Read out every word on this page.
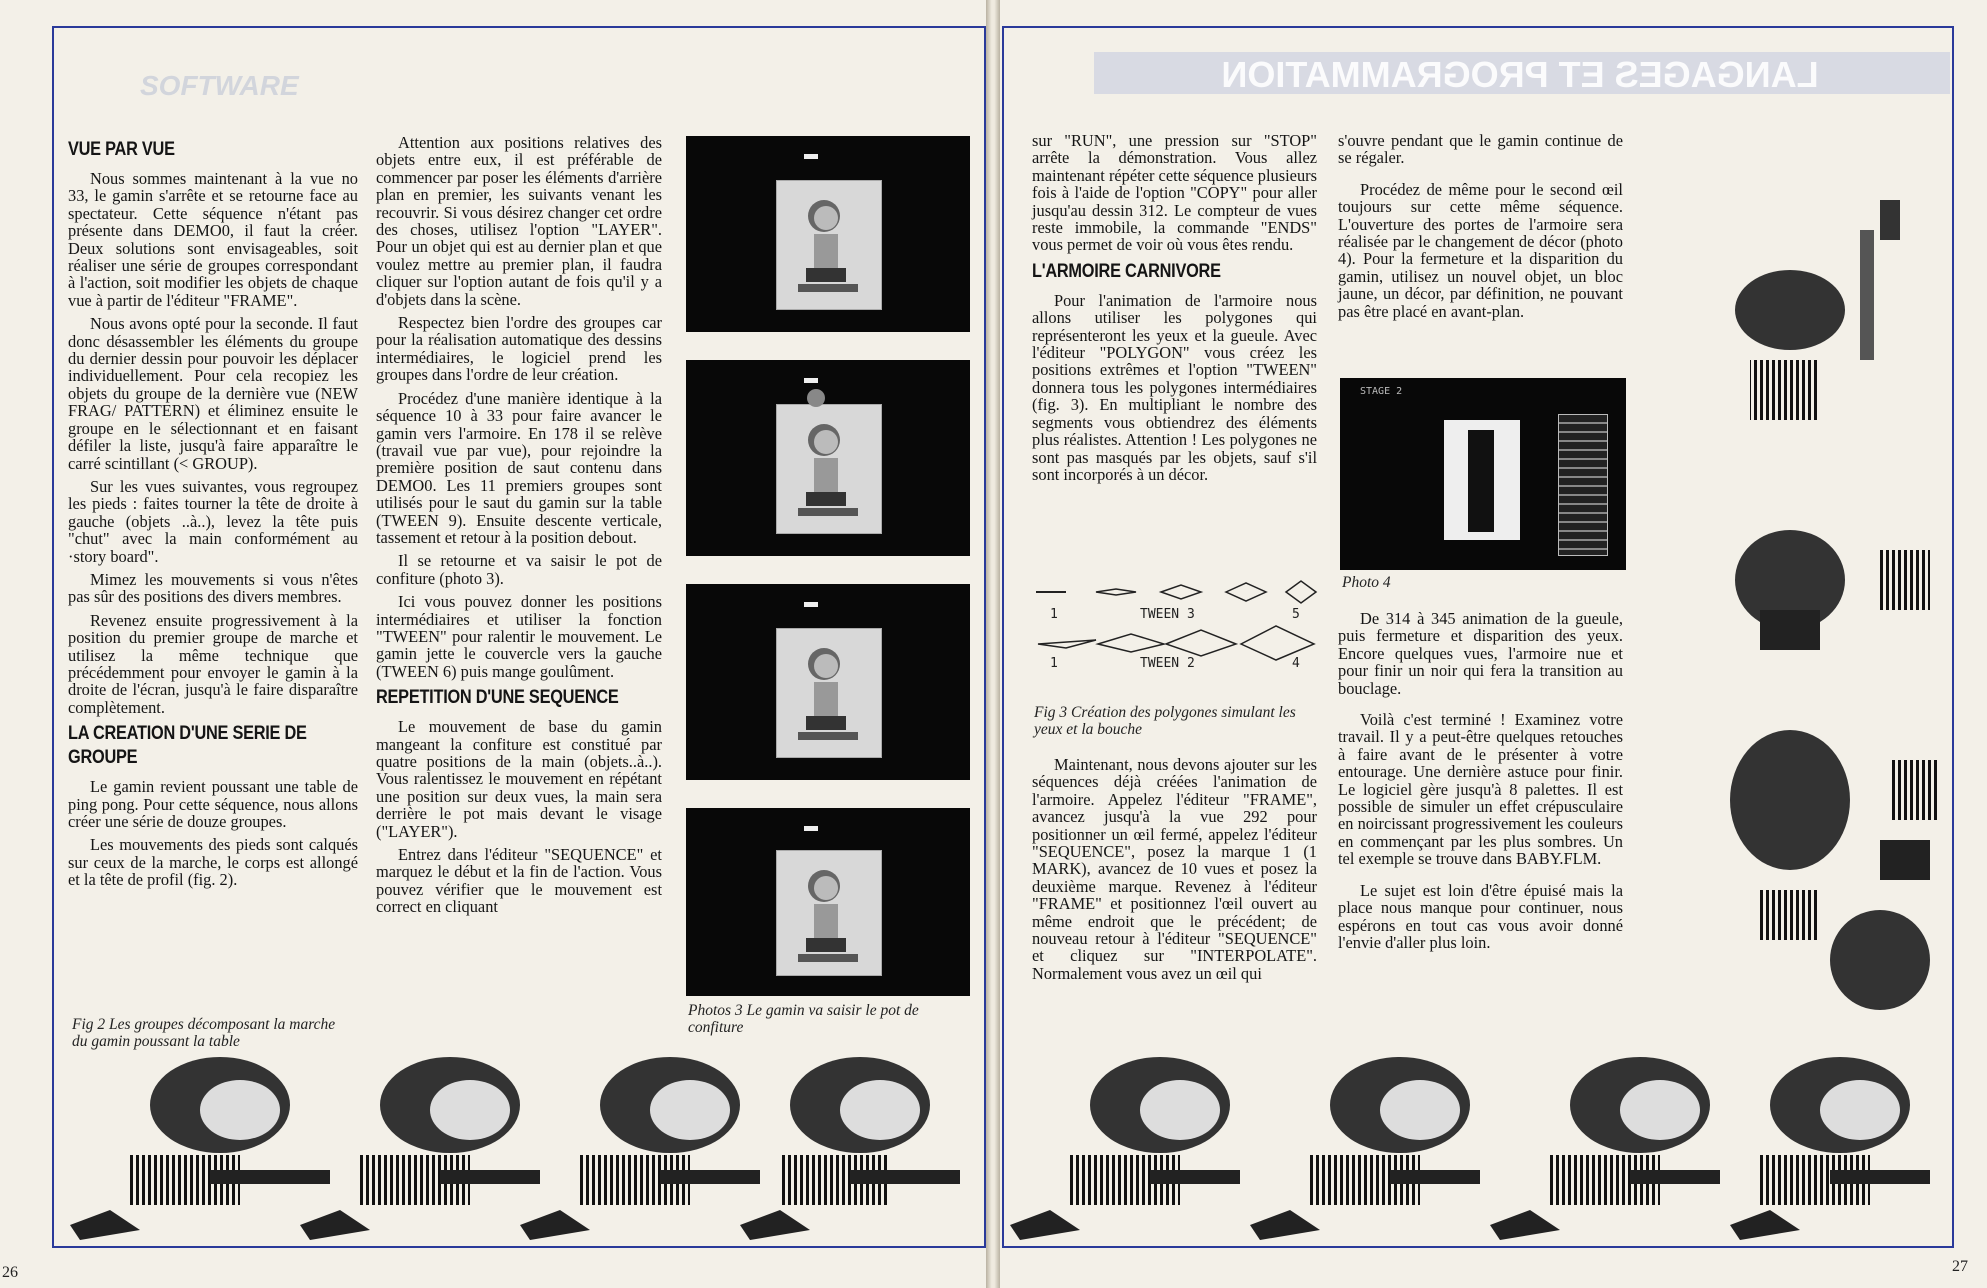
SOFTWARE
VUE PAR VUE

Nous sommes maintenant à la vue no 33, le gamin s'arrête et se retourne face au spectateur. Cette séquence n'étant pas présente dans DEMO0, il faut la créer. Deux solutions sont envisageables, soit réaliser une série de groupes correspondant à l'action, soit modifier les objets de chaque vue à partir de l'éditeur "FRAME".

Nous avons opté pour la seconde. Il faut donc désassembler les éléments du groupe du dernier dessin pour pouvoir les déplacer individuellement. Pour cela recopiez les objets du groupe de la dernière vue (NEW FRAG/ PATTERN) et éliminez ensuite le groupe en le sélectionnant et en faisant défiler la liste, jusqu'à faire apparaître le carré scintillant (< GROUP).

Sur les vues suivantes, vous regroupez les pieds : faites tourner la tête de droite à gauche (objets ..à..), levez la tête puis "chut" avec la main conformément au ·story board".

Mimez les mouvements si vous n'êtes pas sûr des positions des divers membres.

Revenez ensuite progressivement à la position du premier groupe de marche et utilisez la même technique que précédemment pour envoyer le gamin à la droite de l'écran, jusqu'à le faire disparaître complètement.

LA CREATION D'UNE SERIE DE GROUPE

Le gamin revient poussant une table de ping pong. Pour cette séquence, nous allons créer une série de douze groupes.

Les mouvements des pieds sont calqués sur ceux de la marche, le corps est allongé et la tête de profil (fig. 2).

Fig 2 Les groupes décomposant la marche du gamin poussant la table

Attention aux positions relatives des objets entre eux, il est préférable de commencer par poser les éléments d'arrière plan en premier, les suivants venant les recouvrir. Si vous désirez changer cet ordre des choses, utilisez l'option "LAYER". Pour un objet qui est au dernier plan et que voulez mettre au premier plan, il faudra cliquer sur l'option autant de fois qu'il y a d'objets dans la scène.

Respectez bien l'ordre des groupes car pour la réalisation automatique des dessins intermédiaires, le logiciel prend les groupes dans l'ordre de leur création.

Procédez d'une manière identique à la séquence 10 à 33 pour faire avancer le gamin vers l'armoire. En 178 il se relève (travail vue par vue), pour rejoindre la première position de saut contenu dans DEMO0. Les 11 premiers groupes sont utilisés pour le saut du gamin sur la table (TWEEN 9). Ensuite descente verticale, tassement et retour à la position debout.

Il se retourne et va saisir le pot de confiture (photo 3).

Ici vous pouvez donner les positions intermédiaires et utiliser la fonction "TWEEN" pour ralentir le mouvement. Le gamin jette le couvercle vers la gauche (TWEEN 6) puis mange goulûment.

REPETITION D'UNE SEQUENCE

Le mouvement de base du gamin mangeant la confiture est constitué par quatre positions de la main (objets..à..). Vous ralentissez le mouvement en répétant une position sur deux vues, la main sera derrière le pot mais devant le visage ("LAYER").

Entrez dans l'éditeur "SEQUENCE" et marquez le début et la fin de l'action. Vous pouvez vérifier que le mouvement est correct en cliquant

Photos 3 Le gamin va saisir le pot de confiture
26
LANGAGES ET PROGRAMMATION

sur "RUN", une pression sur "STOP" arrête la démonstration. Vous allez maintenant répéter cette séquence plusieurs fois à l'aide de l'option "COPY" pour aller jusqu'au dessin 312. Le compteur de vues reste immobile, la commande "ENDS" vous permet de voir où vous êtes rendu.

L'ARMOIRE CARNIVORE

Pour l'animation de l'armoire nous allons utiliser les polygones qui représenteront les yeux et la gueule. Avec l'éditeur "POLYGON" vous créez les positions extrêmes et l'option "TWEEN" donnera tous les polygones intermédiaires (fig. 3). En multipliant le nombre des segments vous obtiendrez des éléments plus réalistes. Attention ! Les polygones ne sont pas masqués par les objets, sauf s'il sont incorporés à un décor.

1	TWEEN 3	5
1	TWEEN 2	4
Fig 3 Création des polygones simulant les yeux et la bouche

Maintenant, nous devons ajouter sur les séquences déjà créées l'animation de l'armoire. Appelez l'éditeur "FRAME", avancez jusqu'à la vue 292 pour positionner un œil fermé, appelez l'éditeur "SEQUENCE", posez la marque 1 (1 MARK), avancez de 10 vues et posez la deuxième marque. Revenez à l'éditeur "FRAME" et positionnez l'œil ouvert au même endroit que le précédent; de nouveau retour à l'éditeur "SEQUENCE" et cliquez sur "INTERPOLATE". Normalement vous avez un œil qui

s'ouvre pendant que le gamin continue de se régaler.

Procédez de même pour le second œil toujours sur cette même séquence. L'ouverture des portes de l'armoire sera réalisée par le changement de décor (photo 4). Pour la fermeture et la disparition du gamin, utilisez un nouvel objet, un bloc jaune, un décor, par définition, ne pouvant pas être placé en avant-plan.

STAGE 2
Photo 4

De 314 à 345 animation de la gueule, puis fermeture et disparition des yeux. Encore quelques vues, l'armoire nue et pour finir un noir qui fera la transition au bouclage.

Voilà c'est terminé ! Examinez votre travail. Il y a peut-être quelques retouches à faire avant de le présenter à votre entourage. Une dernière astuce pour finir. Le logiciel gère jusqu'à 8 palettes. Il est possible de simuler un effet crépusculaire en noircissant progressivement les couleurs en commençant par les plus sombres. Un tel exemple se trouve dans BABY.FLM.

Le sujet est loin d'être épuisé mais la place nous manque pour continuer, nous espérons en tout cas vous avoir donné l'envie d'aller plus loin.

27
